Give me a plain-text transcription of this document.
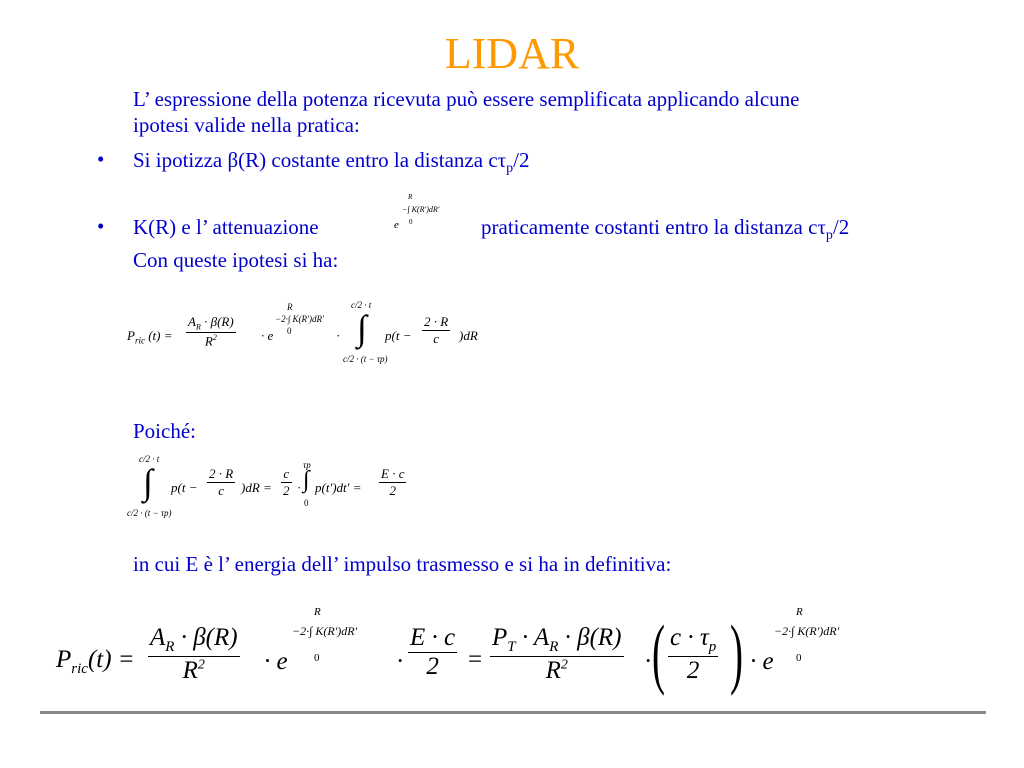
LIDAR
L’ espressione della potenza ricevuta può essere semplificata applicando alcune
ipotesi valide nella pratica:
• Si ipotizza β(R) costante entro la distanza $c\tau_p/2$
• K(R) e l’ attenuazione	e
−∫ K(R')dR'
R
0	praticamente costanti entro la distanza $c\tau_p/2$
Con queste ipotesi si ha:
$P_{ric}$ $(t) = \frac{A_R \cdot \beta(R)}{R^2} \cdot e$
−2·∫ K(R')dR'
R
0	·
c/2 · t
∫
c/2 · (t − τp)
$p(t - \frac{2 \cdot R}{c} )dR$
Poiché:
c/2 · t
∫
c/2 · (t − τp)
$p(t - \frac{2 \cdot R}{c} )dR = \frac{c}{2}$ ·
τp
∫
0
$p(t')dt' = \frac{E \cdot c}{2}$
in cui E è l’ energia dell’ impulso trasmesso e si ha in definitiva:
$P_{ric}(t) = \frac{A_R \cdot \beta(R)}{R^2} \cdot e$
−2·∫ K(R')dR'
R
0	· $\frac{E \cdot c}{2} = \frac{P_T \cdot A_R \cdot \beta(R)}{R^2}$ · ( $\frac{c \cdot \tau_p}{2}$ ) · e
−2·∫ K(R')dR'
R
0
